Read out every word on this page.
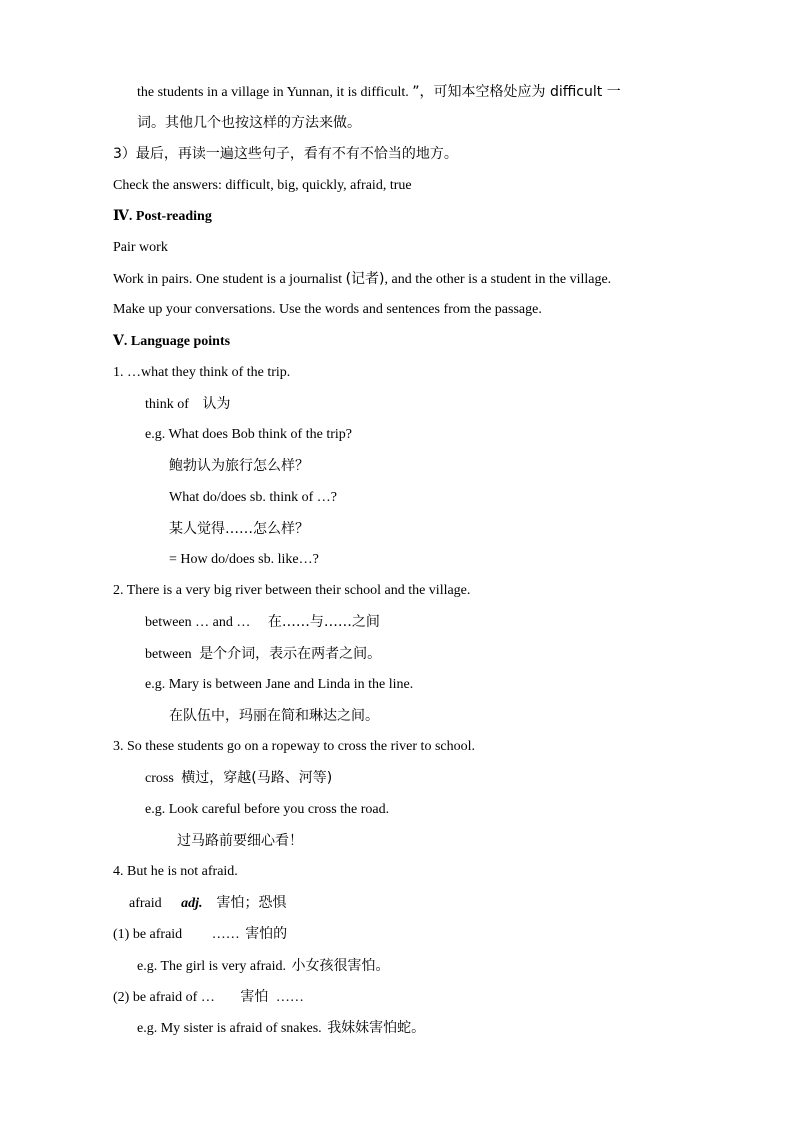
the students in a village in Yunnan, it is difficult. ”，可知本空格处应为 difficult 一
词。其他几个也按这样的方法来做。
3）最后，再读一遍这些句子，看有不有不恰当的地方。
Check the answers: difficult, big, quickly, afraid, true
Ⅳ. Post-reading
Pair work
Work in pairs. One student is a journalist (记者), and the other is a student in the village.
Make up your conversations. Use the words and sentences from the passage.
Ⅴ. Language points
1. …what they think of the trip.
think of 认为
e.g. What does Bob think of the trip?
鲍勃认为旅行怎么样？
What do/does sb. think of …?
某人觉得……怎么样？
= How do/does sb. like…?
2. There is a very big river between their school and the village.
between … and … 在……与……之间
between 是个介词，表示在两者之间。
e.g. Mary is between Jane and Linda in the line.
在队伍中，玛丽在简和琳达之间。
3. So these students go on a ropeway to cross the river to school.
cross 横过，穿越(马路、河等)
e.g. Look careful before you cross the road.
过马路前要细心看！
4. But he is not afraid.
afraid adj. 害怕；恐惧
(1) be afraid …… 害怕的
e.g. The girl is very afraid. 小女孩很害怕。
(2) be afraid of … 害怕 ……
e.g. My sister is afraid of snakes. 我妹妹害怕蛇。
